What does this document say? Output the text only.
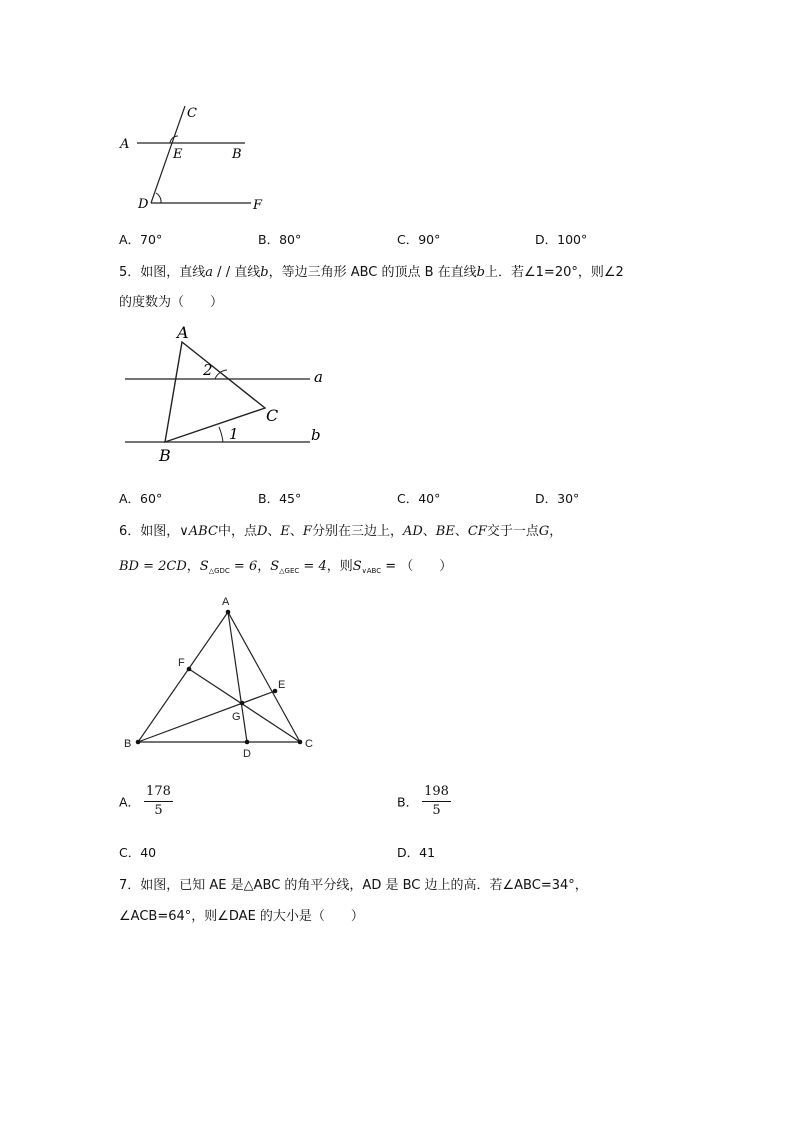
C
A
E	B
D	F
A．70°	B．80°	C．90°	D．100°
5．如图，直线a / / 直线b，等边三角形 ABC 的顶点 B 在直线b上．若∠1=20°，则∠2
的度数为（　　）
A
2	a
C
1	b
B
A．60°	B．45°	C．40°	D．30°
6．如图，∨ABC中，点D、E、F分别在三边上，AD、BE、CF交于一点G，
BD = 2CD，$S_{\triangle GDC} = 6$，$S_{\triangle GEC} = 4$，则$S_{\vee ABC}$ = （　　）
A
F
E
G
B
D
C
A． $\frac{178}{5}$	B． $\frac{198}{5}$
C．40	D．41
7．如图，已知 AE 是△ABC 的角平分线，AD 是 BC 边上的高．若∠ABC=34°，
∠ACB=64°，则∠DAE 的大小是（　　）
